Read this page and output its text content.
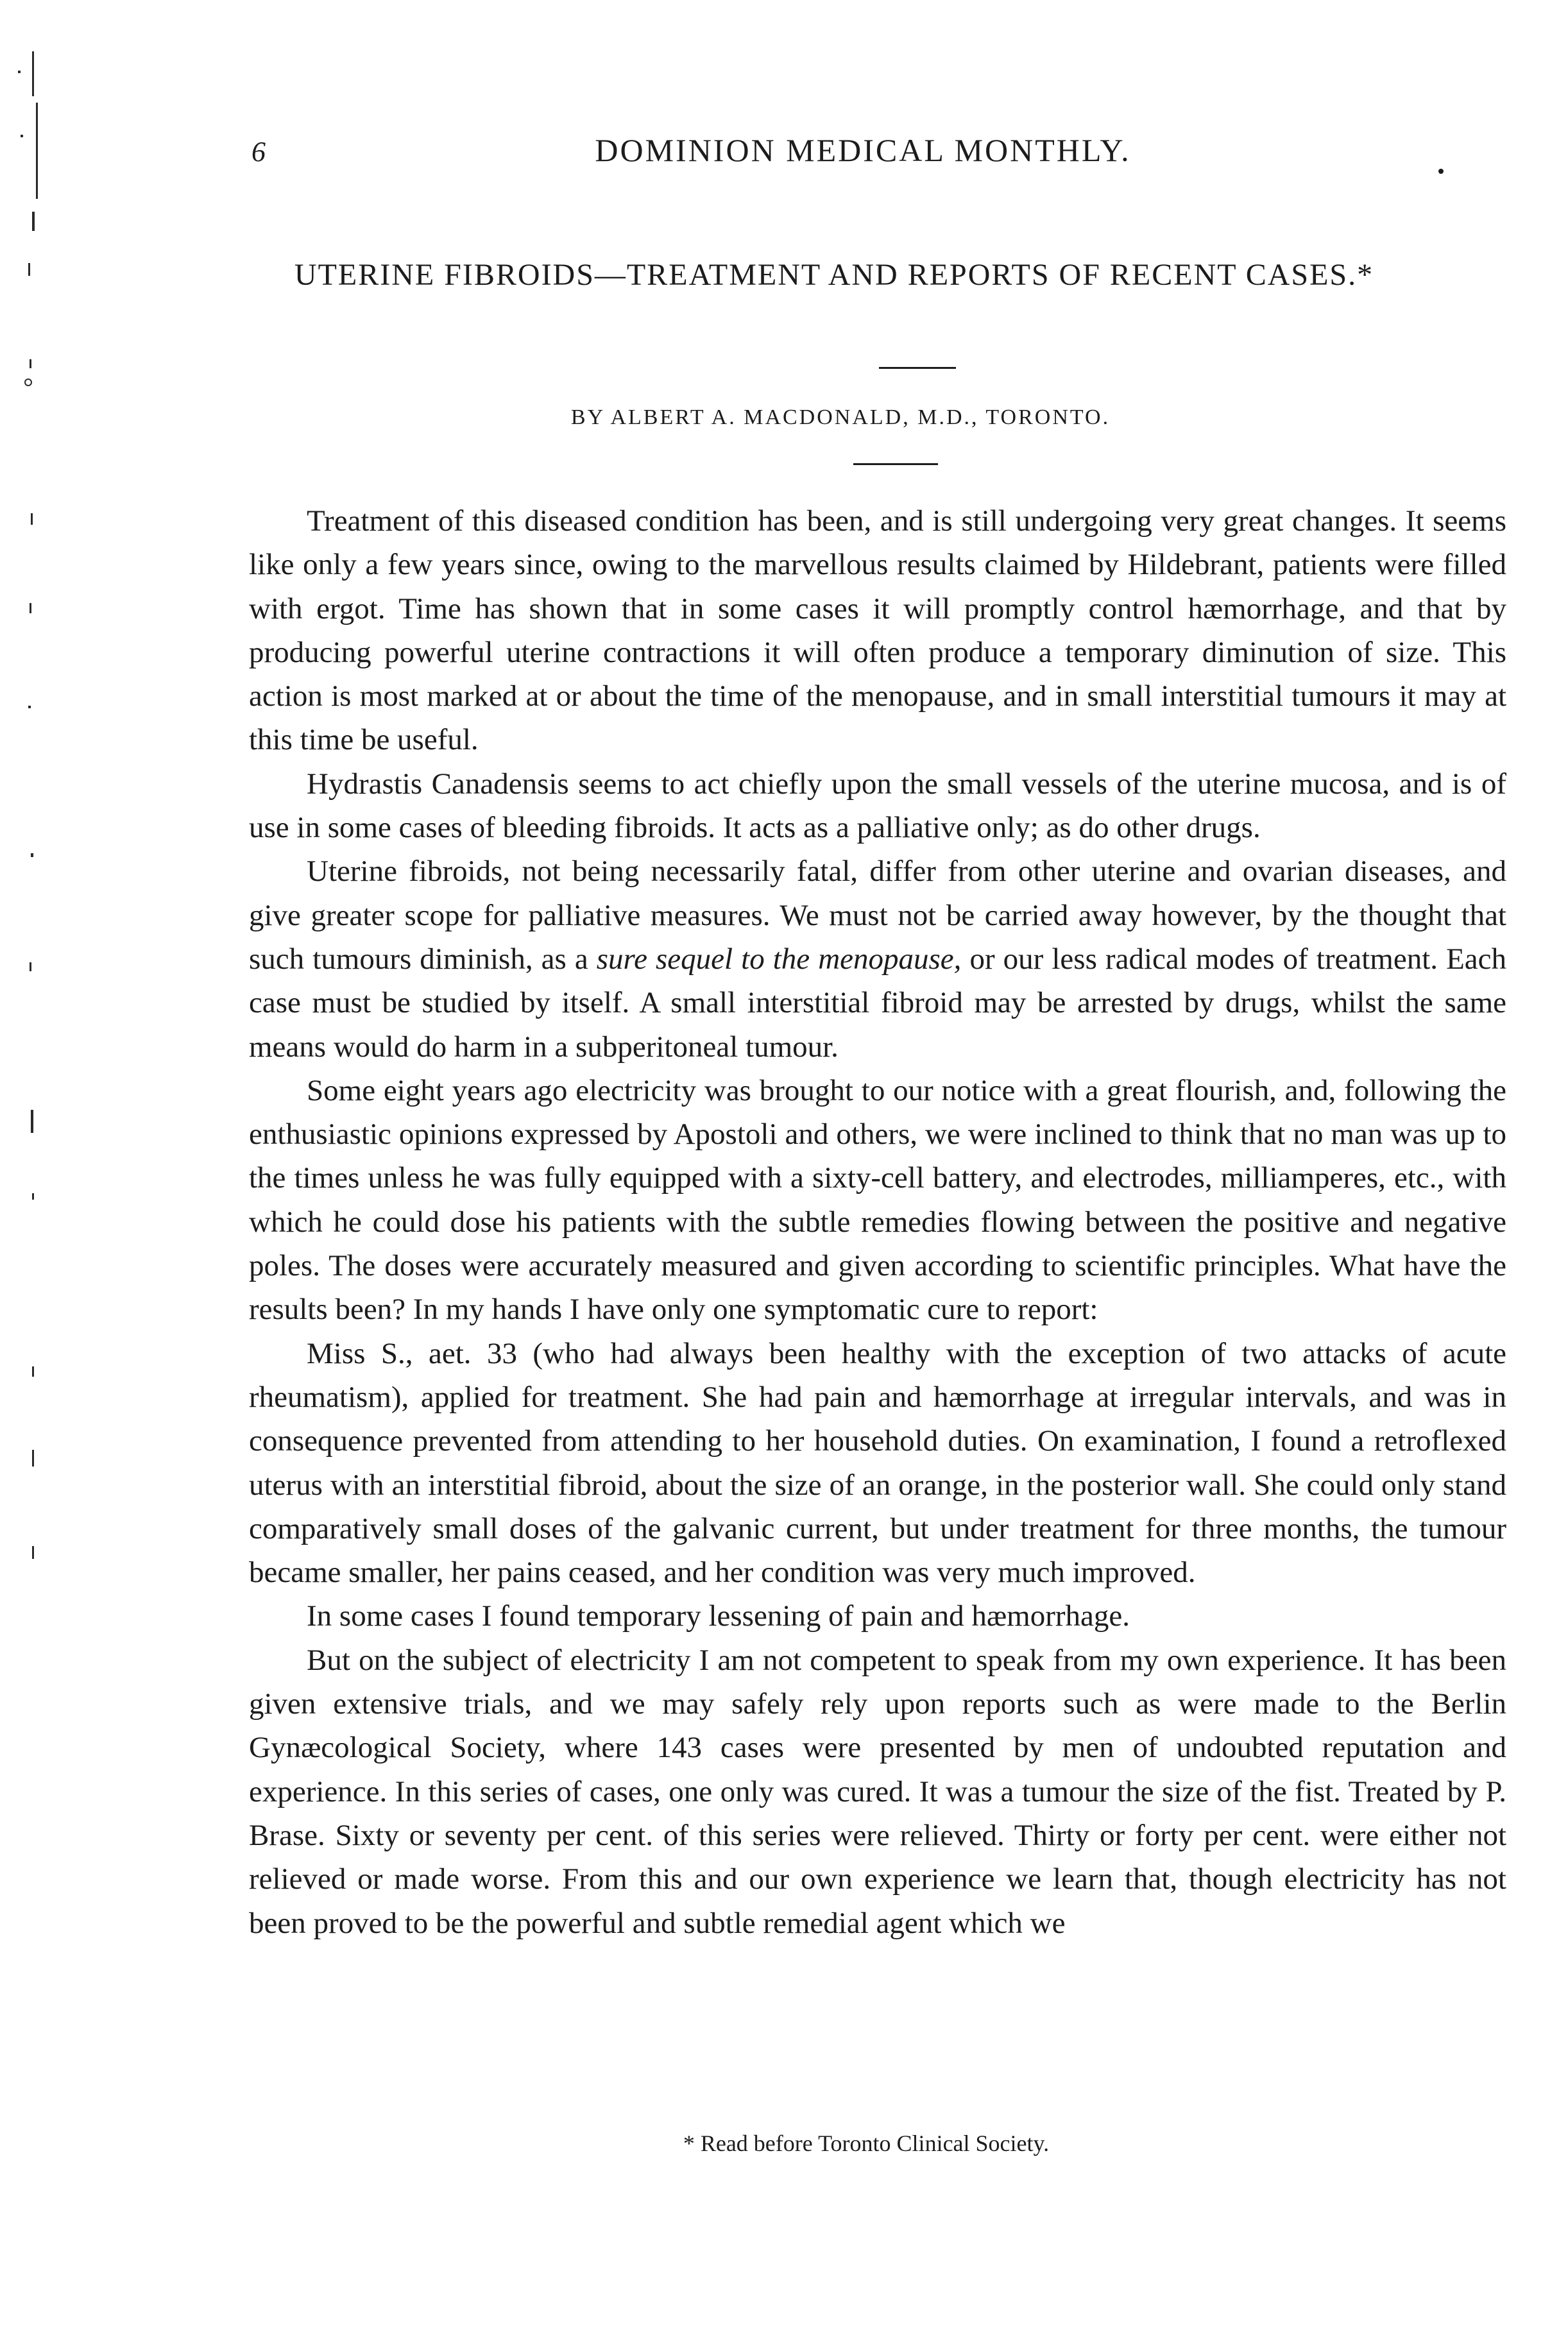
6	DOMINION MEDICAL MONTHLY.
UTERINE FIBROIDS—TREATMENT AND REPORTS OF RECENT CASES.*
BY ALBERT A. MACDONALD, M.D., TORONTO.

Treatment of this diseased condition has been, and is still undergoing very great changes. It seems like only a few years since, owing to the marvellous results claimed by Hildebrant, patients were filled with ergot. Time has shown that in some cases it will promptly control hæmorrhage, and that by producing powerful uterine contractions it will often produce a temporary diminution of size. This action is most marked at or about the time of the menopause, and in small interstitial tumours it may at this time be useful.

Hydrastis Canadensis seems to act chiefly upon the small vessels of the uterine mucosa, and is of use in some cases of bleeding fibroids. It acts as a palliative only; as do other drugs.

Uterine fibroids, not being necessarily fatal, differ from other uterine and ovarian diseases, and give greater scope for palliative measures. We must not be carried away however, by the thought that such tumours diminish, as a sure sequel to the menopause, or our less radical modes of treatment. Each case must be studied by itself. A small interstitial fibroid may be arrested by drugs, whilst the same means would do harm in a subperitoneal tumour.

Some eight years ago electricity was brought to our notice with a great flourish, and, following the enthusiastic opinions expressed by Apostoli and others, we were inclined to think that no man was up to the times unless he was fully equipped with a sixty-cell battery, and electrodes, milliamperes, etc., with which he could dose his patients with the subtle remedies flowing between the positive and negative poles. The doses were accurately measured and given according to scientific principles. What have the results been? In my hands I have only one symptomatic cure to report:

Miss S., aet. 33 (who had always been healthy with the exception of two attacks of acute rheumatism), applied for treatment. She had pain and hæmorrhage at irregular intervals, and was in consequence prevented from attending to her household duties. On examination, I found a retroflexed uterus with an interstitial fibroid, about the size of an orange, in the posterior wall. She could only stand comparatively small doses of the galvanic current, but under treatment for three months, the tumour became smaller, her pains ceased, and her condition was very much improved.

In some cases I found temporary lessening of pain and hæmorrhage.

But on the subject of electricity I am not competent to speak from my own experience. It has been given extensive trials, and we may safely rely upon reports such as were made to the Berlin Gynæcological Society, where 143 cases were presented by men of undoubted reputation and experience. In this series of cases, one only was cured. It was a tumour the size of the fist. Treated by P. Brase. Sixty or seventy per cent. of this series were relieved. Thirty or forty per cent. were either not relieved or made worse. From this and our own experience we learn that, though electricity has not been proved to be the powerful and subtle remedial agent which we

* Read before Toronto Clinical Society.
